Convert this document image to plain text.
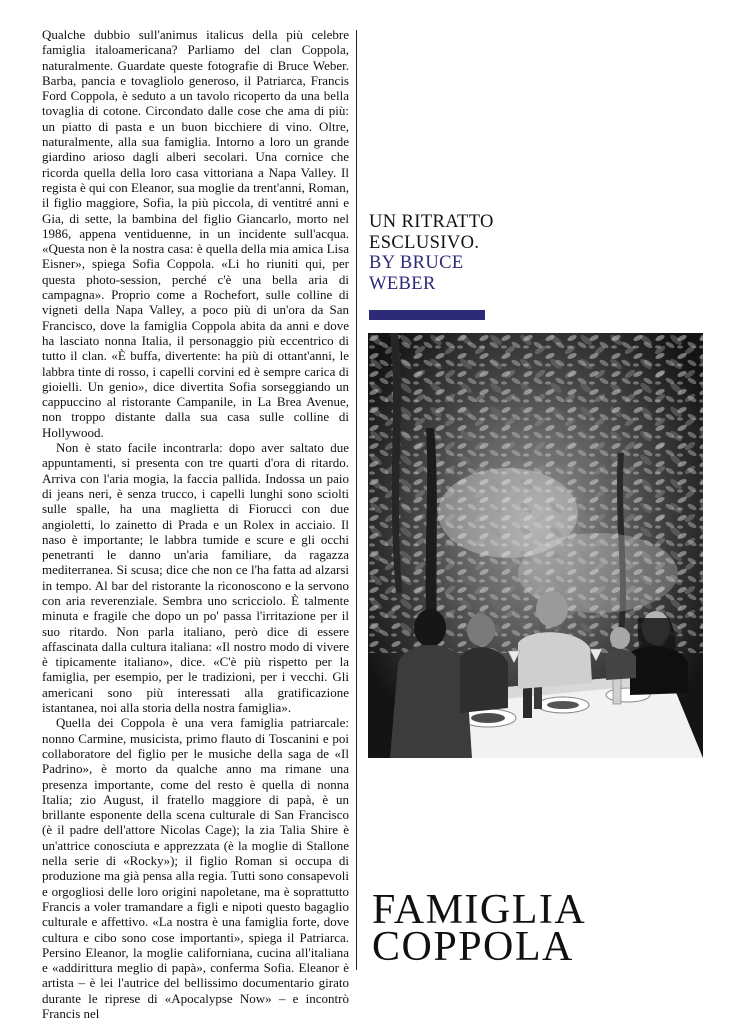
Qualche dubbio sull'animus italicus della più celebre famiglia italoamericana? Parliamo del clan Coppola, naturalmente. Guardate queste fotografie di Bruce Weber. Barba, pancia e tovagliolo generoso, il Patriarca, Francis Ford Coppola, è seduto a un tavolo ricoperto da una bella tovaglia di cotone. Circondato dalle cose che ama di più: un piatto di pasta e un buon bicchiere di vino. Oltre, naturalmente, alla sua famiglia. Intorno a loro un grande giardino arioso dagli alberi secolari. Una cornice che ricorda quella della loro casa vittoriana a Napa Valley. Il regista è qui con Eleanor, sua moglie da trent'anni, Roman, il figlio maggiore, Sofia, la più piccola, di ventitré anni e Gia, di sette, la bambina del figlio Giancarlo, morto nel 1986, appena ventiduenne, in un incidente sull'acqua. «Questa non è la nostra casa: è quella della mia amica Lisa Eisner», spiega Sofia Coppola. «Li ho riuniti qui, per questa photo-session, perché c'è una bella aria di campagna». Proprio come a Rochefort, sulle colline di vigneti della Napa Valley, a poco più di un'ora da San Francisco, dove la famiglia Coppola abita da anni e dove ha lasciato nonna Italia, il personaggio più eccentrico di tutto il clan. «È buffa, divertente: ha più di ottant'anni, le labbra tinte di rosso, i capelli corvini ed è sempre carica di gioielli. Un genio», dice divertita Sofia sorseggiando un cappuccino al ristorante Campanile, in La Brea Avenue, non troppo distante dalla sua casa sulle colline di Hollywood.

Non è stato facile incontrarla: dopo aver saltato due appuntamenti, si presenta con tre quarti d'ora di ritardo. Arriva con l'aria mogia, la faccia pallida. Indossa un paio di jeans neri, è senza trucco, i capelli lunghi sono sciolti sulle spalle, ha una maglietta di Fiorucci con due angioletti, lo zainetto di Prada e un Rolex in acciaio. Il naso è importante; le labbra tumide e scure e gli occhi penetranti le danno un'aria familiare, da ragazza mediterranea. Si scusa; dice che non ce l'ha fatta ad alzarsi in tempo. Al bar del ristorante la riconoscono e la servono con aria reverenziale. Sembra uno scricciolo. È talmente minuta e fragile che dopo un po' passa l'irritazione per il suo ritardo. Non parla italiano, però dice di essere affascinata dalla cultura italiana: «Il nostro modo di vivere è tipicamente italiano», dice. «C'è più rispetto per la famiglia, per esempio, per le tradizioni, per i vecchi. Gli americani sono più interessati alla gratificazione istantanea, noi alla storia della nostra famiglia».

Quella dei Coppola è una vera famiglia patriarcale: nonno Carmine, musicista, primo flauto di Toscanini e poi collaboratore del figlio per le musiche della saga de «Il Padrino», è morto da qualche anno ma rimane una presenza importante, come del resto è quella di nonna Italia; zio August, il fratello maggiore di papà, è un brillante esponente della scena culturale di San Francisco (è il padre dell'attore Nicolas Cage); la zia Talia Shire è un'attrice conosciuta e apprezzata (è la moglie di Stallone nella serie di «Rocky»); il figlio Roman si occupa di produzione ma già pensa alla regia. Tutti sono consapevoli e orgogliosi delle loro origini napoletane, ma è soprattutto Francis a voler tramandare a figli e nipoti questo bagaglio culturale e affettivo. «La nostra è una famiglia forte, dove cultura e cibo sono cose importanti», spiega il Patriarca. Persino Eleanor, la moglie californiana, cucina all'italiana e «addirittura meglio di papà», conferma Sofia. Eleanor è artista – è lei l'autrice del bellissimo documentario girato durante le riprese di «Apocalypse Now» – e incontrò Francis nel

UN RITRATTO ESCLUSIVO.
BY BRUCE WEBER
FAMIGLIA
COPPOLA
